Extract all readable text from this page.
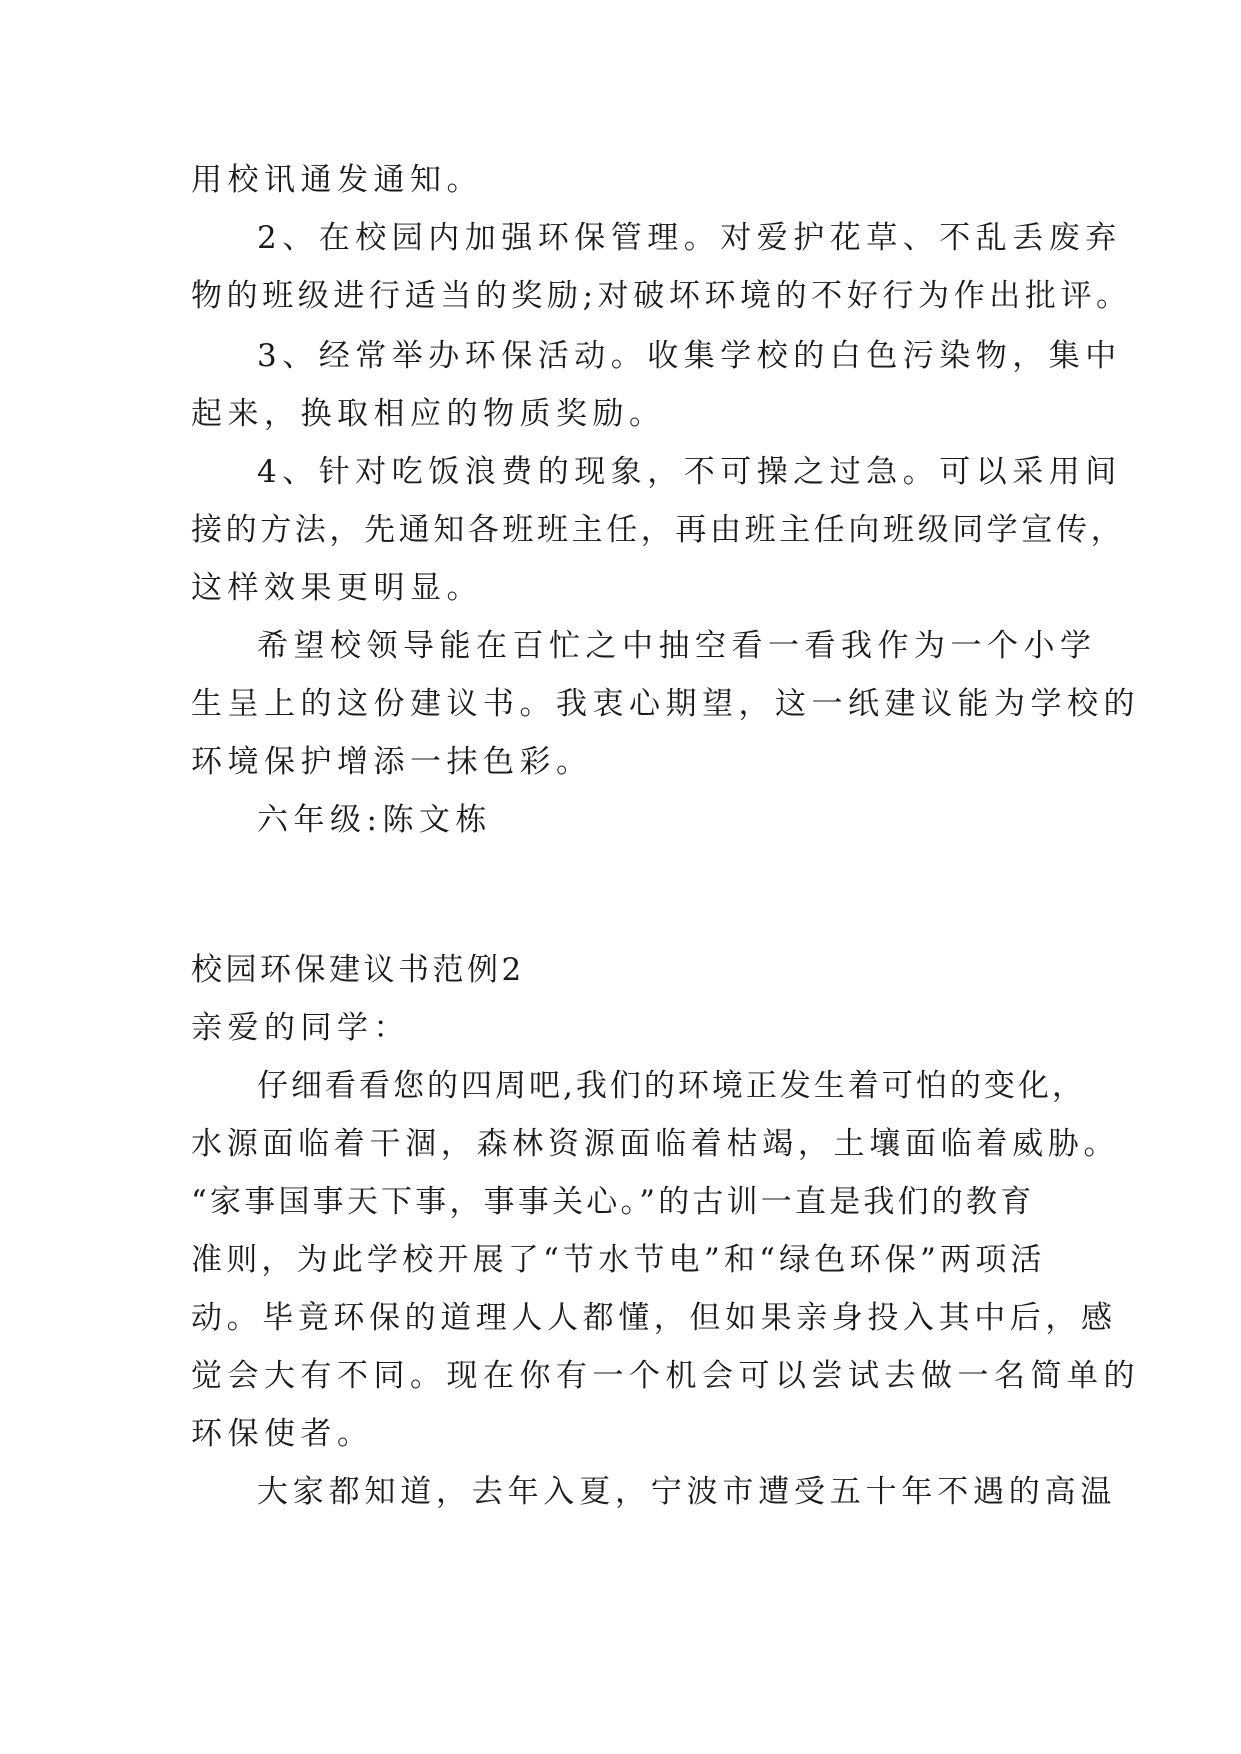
用校讯通发通知。
2、在校园内加强环保管理。对爱护花草、不乱丢废弃
物的班级进行适当的奖励;对破坏环境的不好行为作出批评。
3、经常举办环保活动。收集学校的白色污染物，集中
起来，换取相应的物质奖励。
4、针对吃饭浪费的现象，不可操之过急。可以采用间
接的方法，先通知各班班主任，再由班主任向班级同学宣传，
这样效果更明显。
希望校领导能在百忙之中抽空看一看我作为一个小学
生呈上的这份建议书。我衷心期望，这一纸建议能为学校的
环境保护增添一抹色彩。
六年级:陈文栋
校园环保建议书范例2
亲爱的同学：
仔细看看您的四周吧,我们的环境正发生着可怕的变化，
水源面临着干涸，森林资源面临着枯竭，土壤面临着威胁。
“家事国事天下事，事事关心。”的古训一直是我们的教育
准则，为此学校开展了“节水节电”和“绿色环保”两项活
动。毕竟环保的道理人人都懂，但如果亲身投入其中后，感
觉会大有不同。现在你有一个机会可以尝试去做一名简单的
环保使者。
大家都知道，去年入夏，宁波市遭受五十年不遇的高温
